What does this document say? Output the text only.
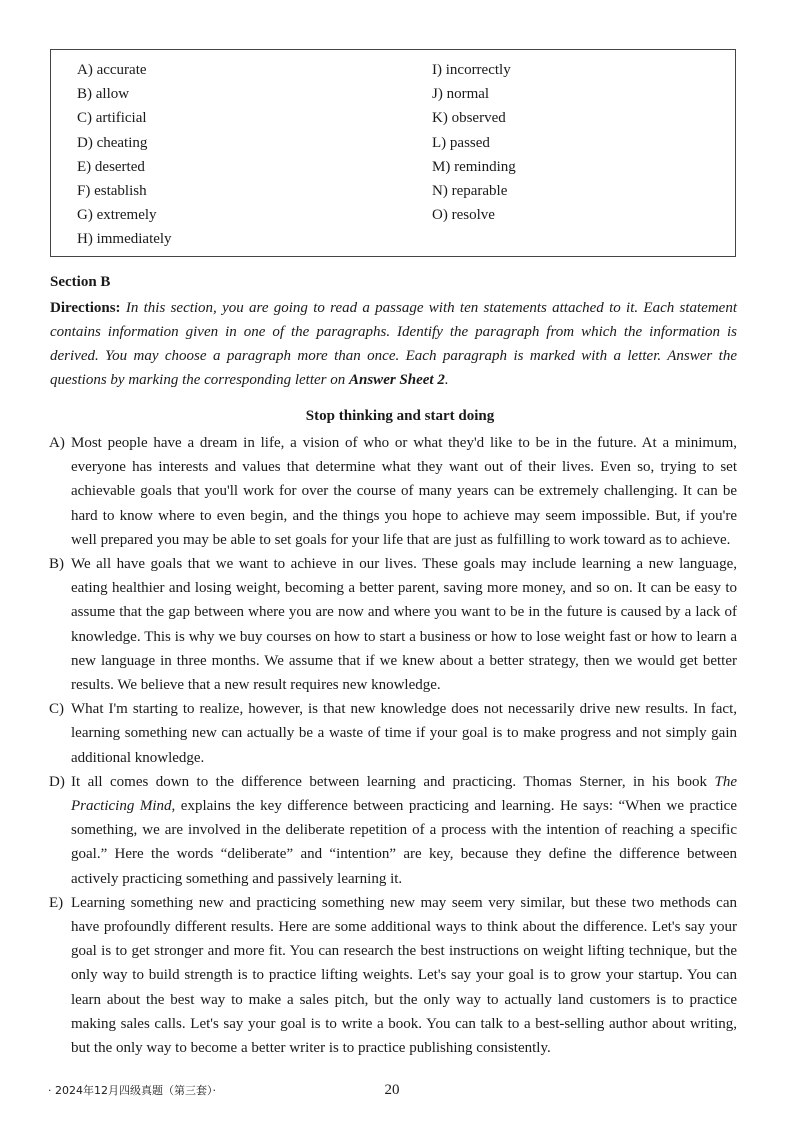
A) accurate
B) allow
C) artificial
D) cheating
E) deserted
F) establish
G) extremely
H) immediately
I) incorrectly
J) normal
K) observed
L) passed
M) reminding
N) reparable
O) resolve
Section B
Directions: In this section, you are going to read a passage with ten statements attached to it. Each statement contains information given in one of the paragraphs. Identify the paragraph from which the information is derived. You may choose a paragraph more than once. Each paragraph is marked with a letter. Answer the questions by marking the corresponding letter on Answer Sheet 2.
Stop thinking and start doing
A) Most people have a dream in life, a vision of who or what they'd like to be in the future. At a minimum, everyone has interests and values that determine what they want out of their lives. Even so, trying to set achievable goals that you'll work for over the course of many years can be extremely challenging. It can be hard to know where to even begin, and the things you hope to achieve may seem impossible. But, if you're well prepared you may be able to set goals for your life that are just as fulfilling to work toward as to achieve.
B) We all have goals that we want to achieve in our lives. These goals may include learning a new language, eating healthier and losing weight, becoming a better parent, saving more money, and so on. It can be easy to assume that the gap between where you are now and where you want to be in the future is caused by a lack of knowledge. This is why we buy courses on how to start a business or how to lose weight fast or how to learn a new language in three months. We assume that if we knew about a better strategy, then we would get better results. We believe that a new result requires new knowledge.
C) What I'm starting to realize, however, is that new knowledge does not necessarily drive new results. In fact, learning something new can actually be a waste of time if your goal is to make progress and not simply gain additional knowledge.
D) It all comes down to the difference between learning and practicing. Thomas Sterner, in his book The Practicing Mind, explains the key difference between practicing and learning. He says: “When we practice something, we are involved in the deliberate repetition of a process with the intention of reaching a specific goal.” Here the words “deliberate” and “intention” are key, because they define the difference between actively practicing something and passively learning it.
E) Learning something new and practicing something new may seem very similar, but these two methods can have profoundly different results. Here are some additional ways to think about the difference. Let's say your goal is to get stronger and more fit. You can research the best instructions on weight lifting technique, but the only way to build strength is to practice lifting weights. Let's say your goal is to grow your startup. You can learn about the best way to make a sales pitch, but the only way to actually land customers is to practice making sales calls. Let's say your goal is to write a book. You can talk to a best-selling author about writing, but the only way to become a better writer is to practice publishing consistently.
· 2024年12月四级真题（第三套）·	20
